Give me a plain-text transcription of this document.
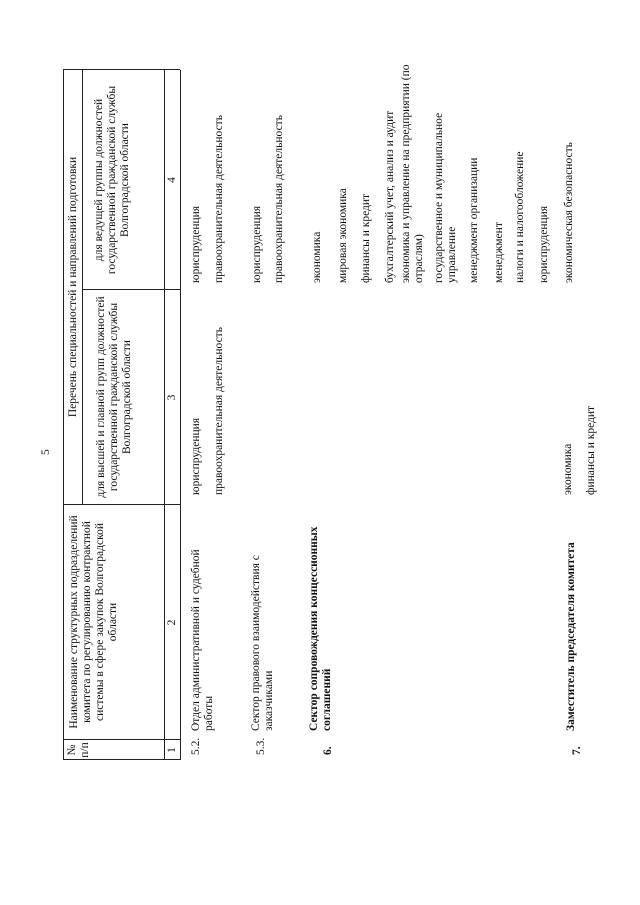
5
№ п/п
Наименование структурных подразделений комитета по регулированию контрактной системы в сфере закупок Волгоградской области
Перечень специальностей и направлений подготовки для высшей и главной групп должностей государственной гражданской службы Волгоградской области
для ведущей группы должностей государственной гражданской службы Волгоградской области
1
2
3
4
5.2.
Отдел административной и судебной работы
юриспруденция правоохранительная деятельность
юриспруденция правоохранительная деятельность
5.3.
Сектор правового взаимодействия с заказчиками
юриспруденция правоохранительная деятельность
6.
Сектор сопровождения концессионных соглашений
экономика мировая экономика финансы и кредит бухгалтерский учет, анализ и аудит экономика и управление на предприятии (по отраслям) государственное и муниципальное управление менеджмент организации менеджмент налоги и налогообложение юриспруденция экономическая безопасность
7.
Заместитель председателя комитета
экономика финансы и кредит
